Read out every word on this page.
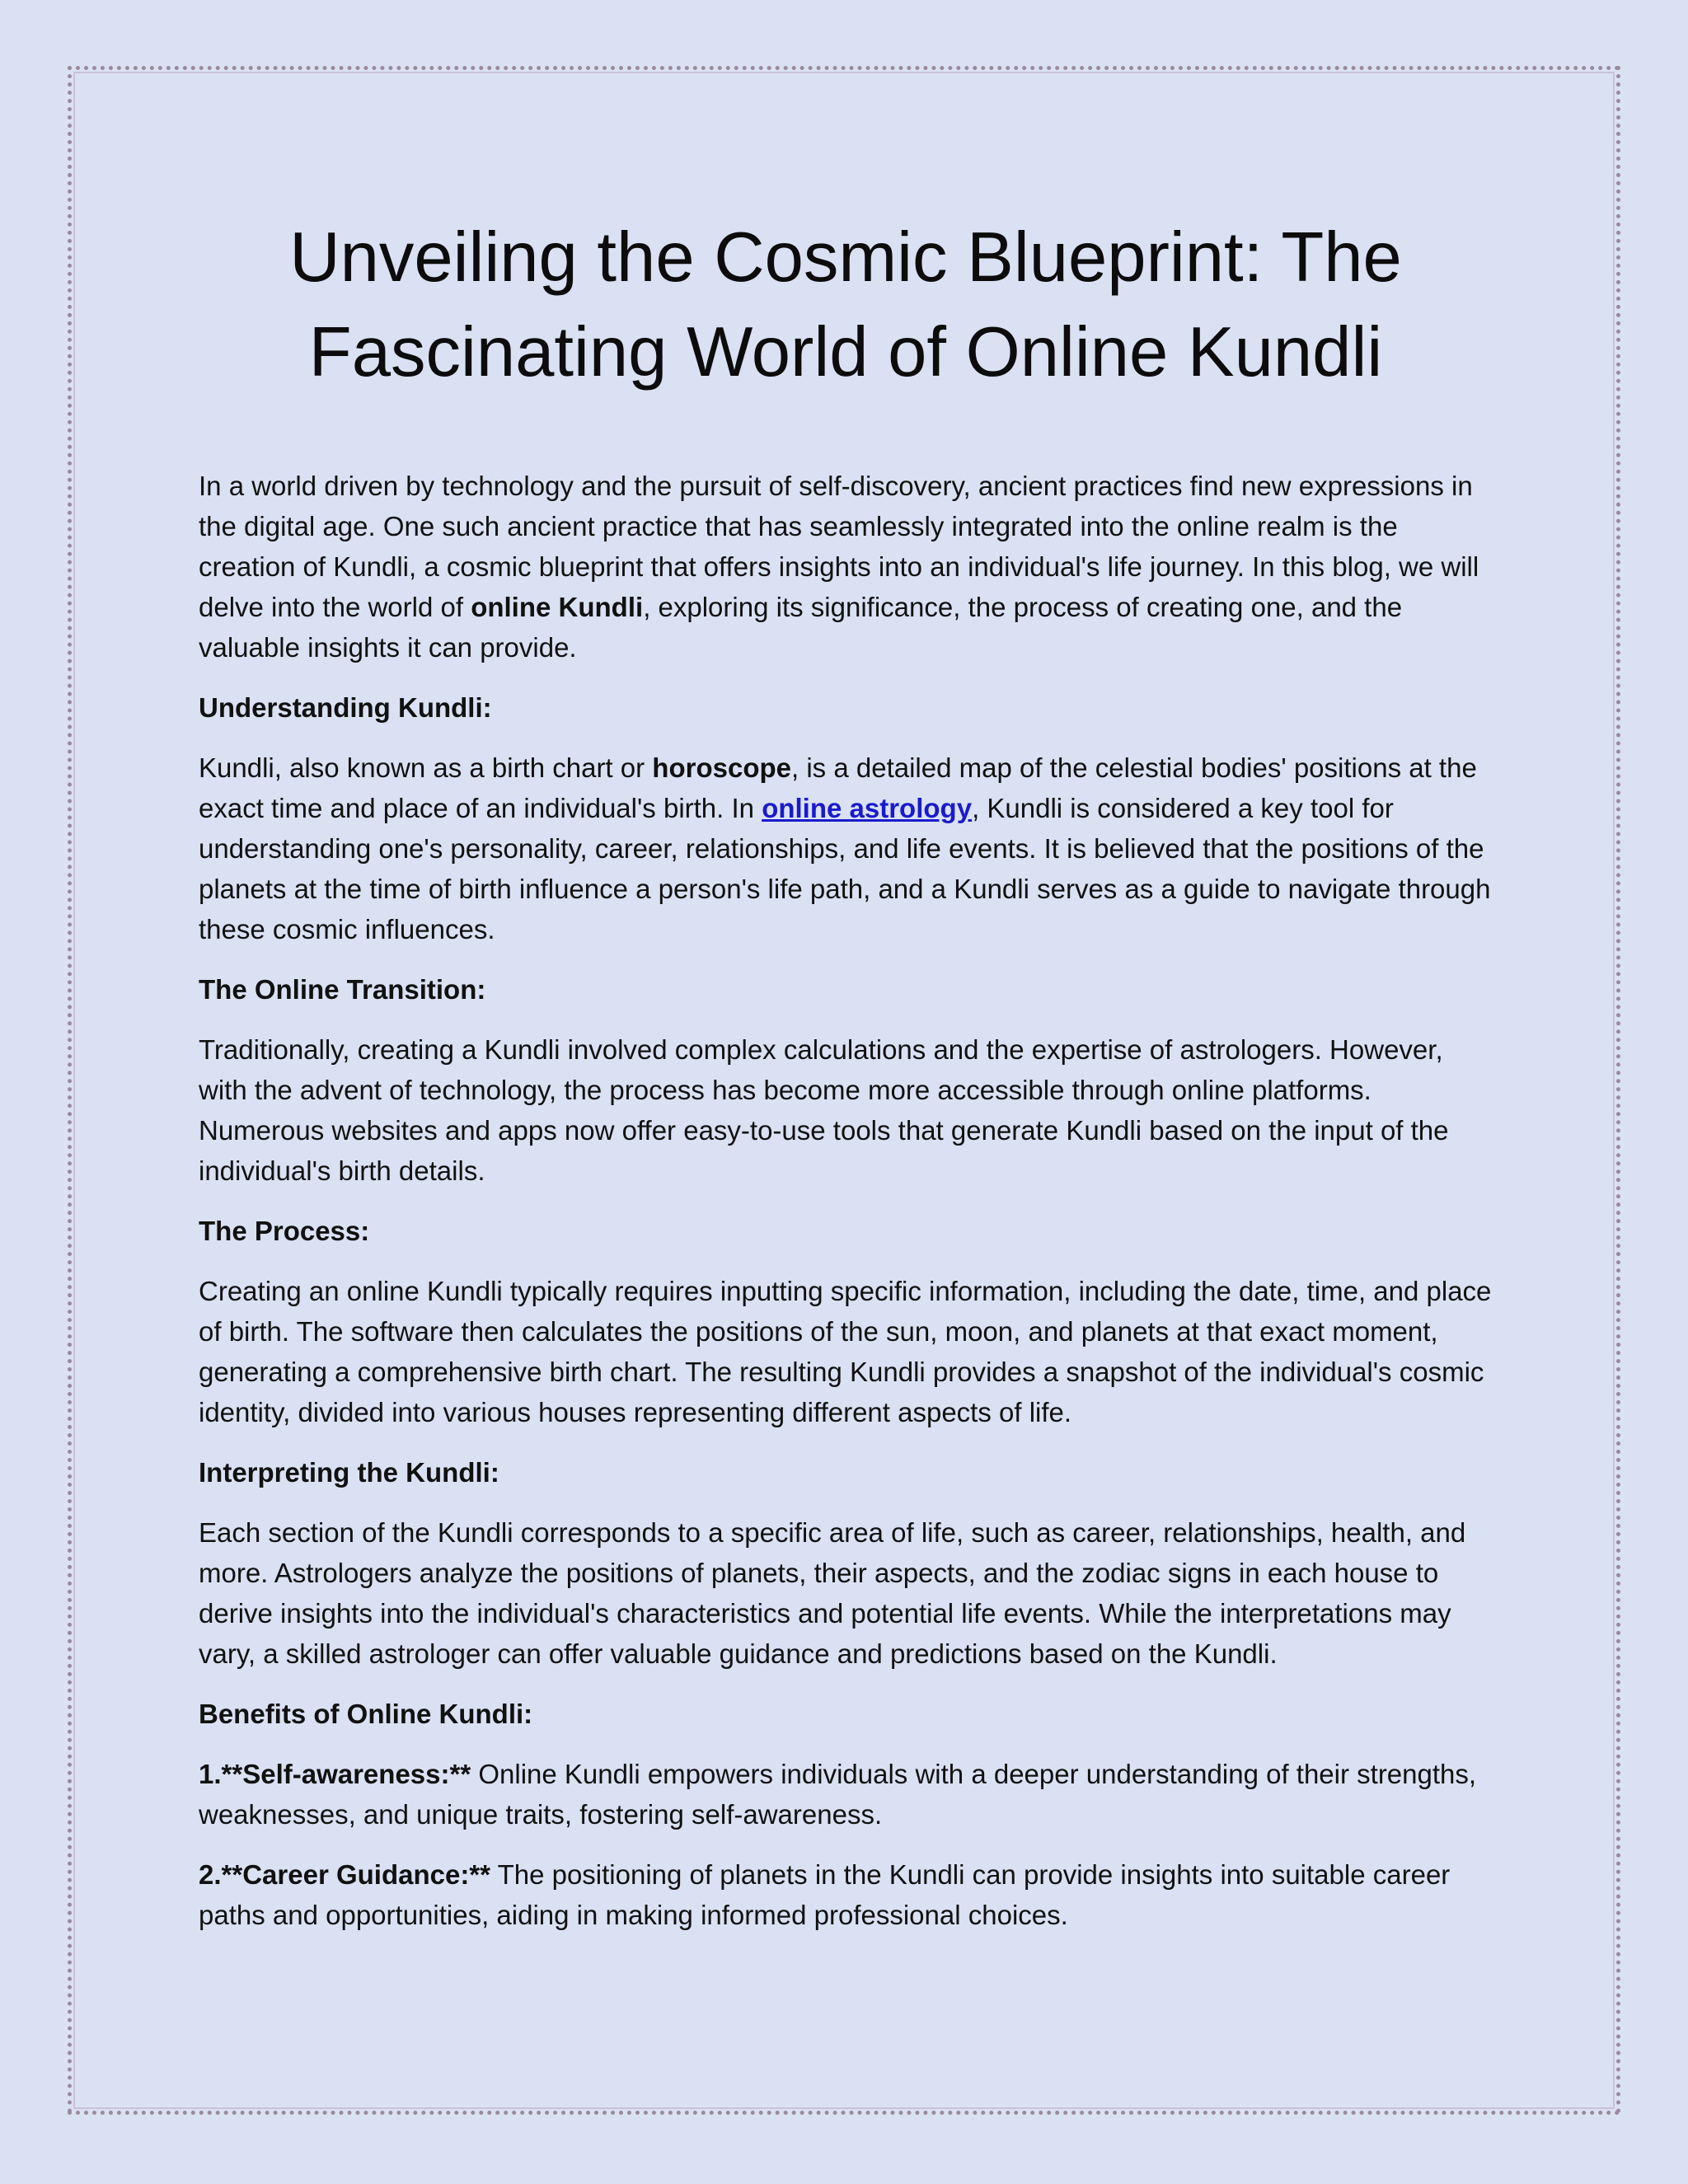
Unveiling the Cosmic Blueprint: The Fascinating World of Online Kundli

In a world driven by technology and the pursuit of self-discovery, ancient practices find new expressions in the digital age. One such ancient practice that has seamlessly integrated into the online realm is the creation of Kundli, a cosmic blueprint that offers insights into an individual's life journey. In this blog, we will delve into the world of online Kundli, exploring its significance, the process of creating one, and the valuable insights it can provide.

Understanding Kundli:

Kundli, also known as a birth chart or horoscope, is a detailed map of the celestial bodies' positions at the exact time and place of an individual's birth. In online astrology, Kundli is considered a key tool for understanding one's personality, career, relationships, and life events. It is believed that the positions of the planets at the time of birth influence a person's life path, and a Kundli serves as a guide to navigate through these cosmic influences.

The Online Transition:

Traditionally, creating a Kundli involved complex calculations and the expertise of astrologers. However, with the advent of technology, the process has become more accessible through online platforms. Numerous websites and apps now offer easy-to-use tools that generate Kundli based on the input of the individual's birth details.

The Process:

Creating an online Kundli typically requires inputting specific information, including the date, time, and place of birth. The software then calculates the positions of the sun, moon, and planets at that exact moment, generating a comprehensive birth chart. The resulting Kundli provides a snapshot of the individual's cosmic identity, divided into various houses representing different aspects of life.

Interpreting the Kundli:

Each section of the Kundli corresponds to a specific area of life, such as career, relationships, health, and more. Astrologers analyze the positions of planets, their aspects, and the zodiac signs in each house to derive insights into the individual's characteristics and potential life events. While the interpretations may vary, a skilled astrologer can offer valuable guidance and predictions based on the Kundli.

Benefits of Online Kundli:

1.**Self-awareness:** Online Kundli empowers individuals with a deeper understanding of their strengths, weaknesses, and unique traits, fostering self-awareness.

2.**Career Guidance:** The positioning of planets in the Kundli can provide insights into suitable career paths and opportunities, aiding in making informed professional choices.
